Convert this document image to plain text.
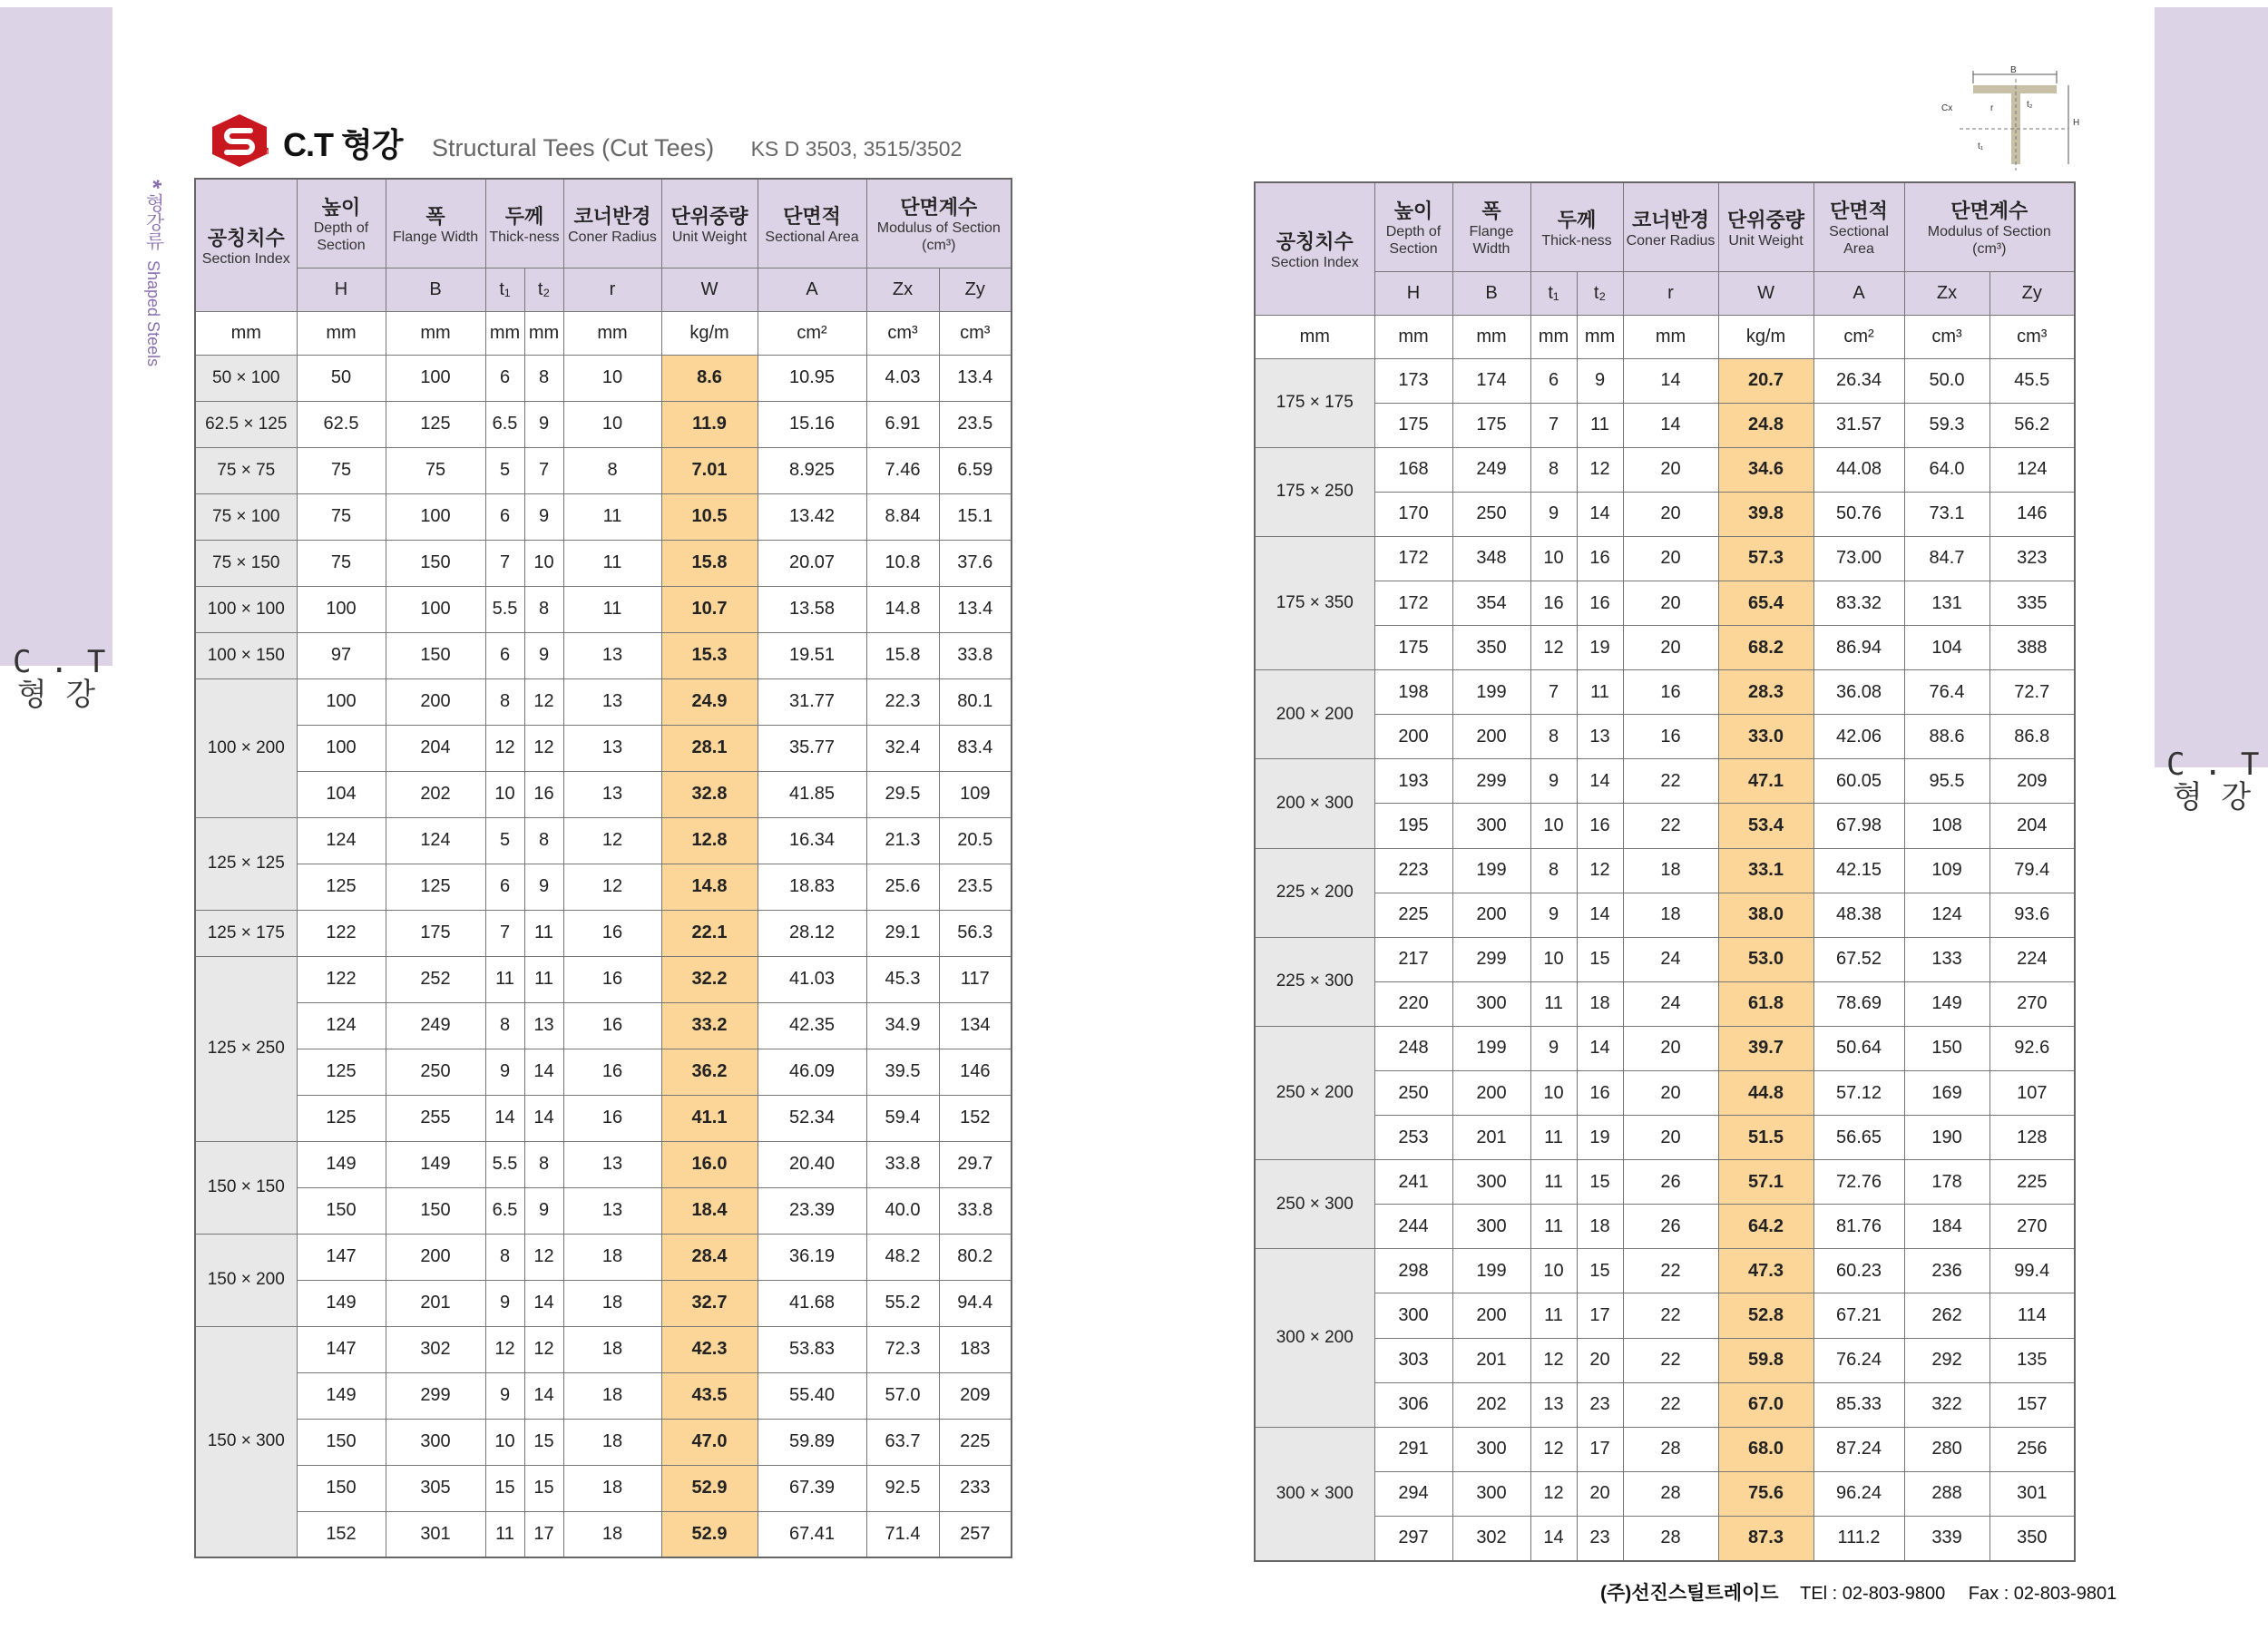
C . T
형 강

C . T
형 강

* 형강류 Shaped Steels
TM C.T 형강 Structural Tees (Cut Tees) KS D 3503, 3515/3502
B
Cx	r	t₂
t₁
H
공칭치수
Section Index	높이
Depth of Section	폭
Flange Width	두께
Thick-ness		코너반경
Coner Radius	단위중량
Unit Weight	단면적
Sectional Area	단면계수
Modulus of Section
(cm³)	

	H	B	t₁	t₂	r	W	A	Zx	Zy
mm	mm	mm	mm	mm	mm	kg/m	cm²	cm³	cm³
50 × 100	50	100	6	8	10	8.6	10.95	4.03	13.4
62.5 × 125	62.5	125	6.5	9	10	11.9	15.16	6.91	23.5
75 × 75	75	75	5	7	8	7.01	8.925	7.46	6.59
75 × 100	75	100	6	9	11	10.5	13.42	8.84	15.1
75 × 150	75	150	7	10	11	15.8	20.07	10.8	37.6
100 × 100	100	100	5.5	8	11	10.7	13.58	14.8	13.4
100 × 150	97	150	6	9	13	15.3	19.51	15.8	33.8
100 × 200	100	200	8	12	13	24.9	31.77	22.3	80.1
	100	204	12	12	13	28.1	35.77	32.4	83.4
	104	202	10	16	13	32.8	41.85	29.5	109
125 × 125	124	124	5	8	12	12.8	16.34	21.3	20.5
	125	125	6	9	12	14.8	18.83	25.6	23.5
125 × 175	122	175	7	11	16	22.1	28.12	29.1	56.3
125 × 250	122	252	11	11	16	32.2	41.03	45.3	117
	124	249	8	13	16	33.2	42.35	34.9	134
	125	250	9	14	16	36.2	46.09	39.5	146
	125	255	14	14	16	41.1	52.34	59.4	152
150 × 150	149	149	5.5	8	13	16.0	20.40	33.8	29.7
	150	150	6.5	9	13	18.4	23.39	40.0	33.8
150 × 200	147	200	8	12	18	28.4	36.19	48.2	80.2
	149	201	9	14	18	32.7	41.68	55.2	94.4
150 × 300	147	302	12	12	18	42.3	53.83	72.3	183
	149	299	9	14	18	43.5	55.40	57.0	209
	150	300	10	15	18	47.0	59.89	63.7	225
	150	305	15	15	18	52.9	67.39	92.5	233
	152	301	11	17	18	52.9	67.41	71.4	257
공칭치수
Section Index	높이
Depth of Section	폭
Flange Width	두께
Thick-ness		코너반경
Coner Radius	단위중량
Unit Weight	단면적
Sectional Area	단면계수
Modulus of Section
(cm³)	

	H	B	t₁	t₂	r	W	A	Zx	Zy
mm	mm	mm	mm	mm	mm	kg/m	cm²	cm³	cm³
175 × 175	173	174	6	9	14	20.7	26.34	50.0	45.5
	175	175	7	11	14	24.8	31.57	59.3	56.2
175 × 250	168	249	8	12	20	34.6	44.08	64.0	124
	170	250	9	14	20	39.8	50.76	73.1	146
175 × 350	172	348	10	16	20	57.3	73.00	84.7	323
	172	354	16	16	20	65.4	83.32	131	335
	175	350	12	19	20	68.2	86.94	104	388
200 × 200	198	199	7	11	16	28.3	36.08	76.4	72.7
	200	200	8	13	16	33.0	42.06	88.6	86.8
200 × 300	193	299	9	14	22	47.1	60.05	95.5	209
	195	300	10	16	22	53.4	67.98	108	204
225 × 200	223	199	8	12	18	33.1	42.15	109	79.4
	225	200	9	14	18	38.0	48.38	124	93.6
225 × 300	217	299	10	15	24	53.0	67.52	133	224
	220	300	11	18	24	61.8	78.69	149	270
250 × 200	248	199	9	14	20	39.7	50.64	150	92.6
	250	200	10	16	20	44.8	57.12	169	107
	253	201	11	19	20	51.5	56.65	190	128
250 × 300	241	300	11	15	26	57.1	72.76	178	225
	244	300	11	18	26	64.2	81.76	184	270
300 × 200	298	199	10	15	22	47.3	60.23	236	99.4
	300	200	11	17	22	52.8	67.21	262	114
	303	201	12	20	22	59.8	76.24	292	135
	306	202	13	23	22	67.0	85.33	322	157
300 × 300	291	300	12	17	28	68.0	87.24	280	256
	294	300	12	20	28	75.6	96.24	288	301
	297	302	14	23	28	87.3	111.2	339	350
(주)선진스틸트레이드 TEl : 02-803-9800 Fax : 02-803-9801
